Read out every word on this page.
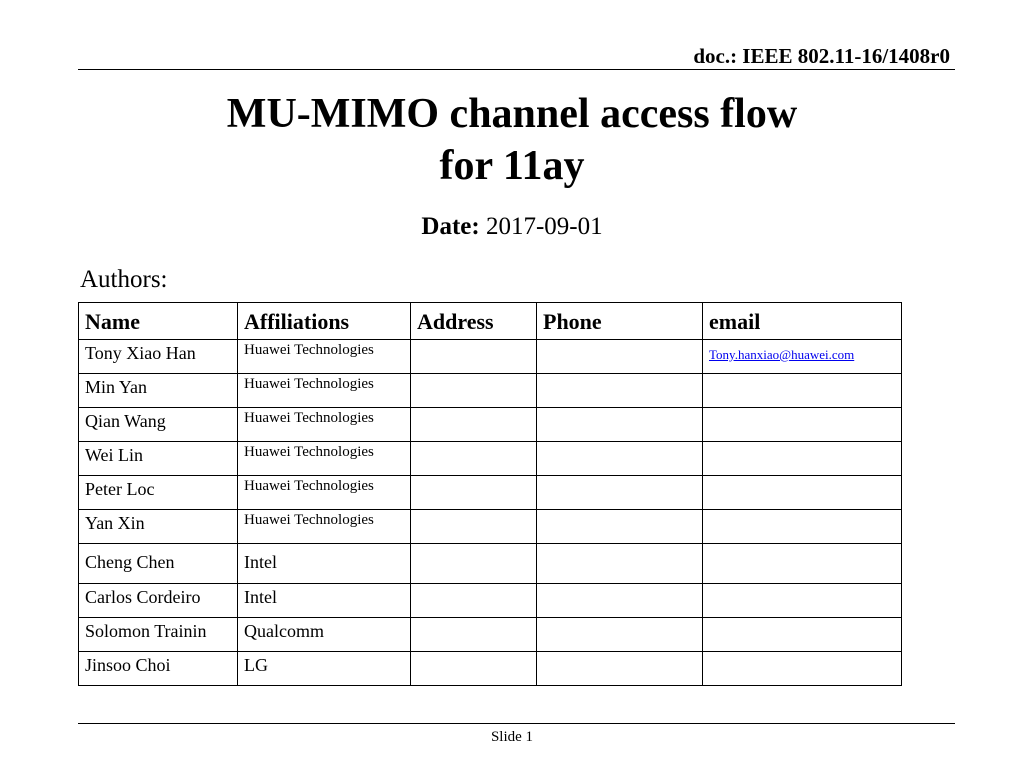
doc.: IEEE 802.11-16/1408r0
MU-MIMO channel access flow
for 11ay
Date: 2017-09-01
Authors:
Name	Affiliations	Address	Phone	email
Tony Xiao Han	Huawei Technologies			Tony.hanxiao@huawei.com
Min Yan	Huawei Technologies			
Qian Wang	Huawei Technologies			
Wei Lin	Huawei Technologies			
Peter Loc	Huawei Technologies			
Yan Xin	Huawei Technologies			
Cheng Chen	Intel			
Carlos Cordeiro	Intel			
Solomon Trainin	Qualcomm			
Jinsoo Choi	LG			
Slide 1
